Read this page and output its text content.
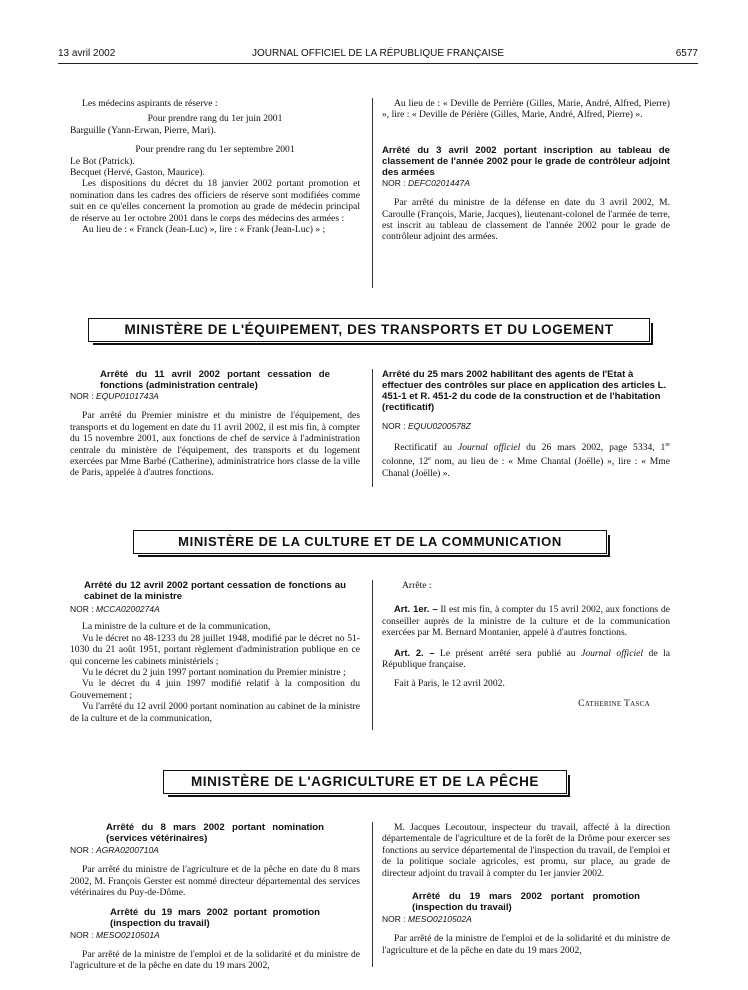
13 avril 2002	JOURNAL OFFICIEL DE LA RÉPUBLIQUE FRANÇAISE	6577

Les médecins aspirants de réserve :

Pour prendre rang du 1er juin 2001

Barguille (Yann-Erwan, Pierre, Mari).

Pour prendre rang du 1er septembre 2001

Le Bot (Patrick).

Becquet (Hervé, Gaston, Maurice).

Les dispositions du décret du 18 janvier 2002 portant promotion et nomination dans les cadres des officiers de réserve sont modifiées comme suit en ce qu'elles concernent la promotion au grade de médecin principal de réserve au 1er octobre 2001 dans le corps des médecins des armées :

Au lieu de : « Franck (Jean-Luc) », lire : « Frank (Jean-Luc) » ;

Au lieu de : « Deville de Perrière (Gilles, Marie, André, Alfred, Pierre) », lire : « Deville de Périère (Gilles, Marie, André, Alfred, Pierre) ».

Arrêté du 3 avril 2002 portant inscription au tableau de classement de l'année 2002 pour le grade de contrôleur adjoint des armées

NOR : DEFC0201447A

Par arrêté du ministre de la défense en date du 3 avril 2002, M. Caroulle (François, Marie, Jacques), lieutenant-colonel de l'armée de terre, est inscrit au tableau de classement de l'année 2002 pour le grade de contrôleur adjoint des armées.

MINISTÈRE DE L'ÉQUIPEMENT, DES TRANSPORTS ET DU LOGEMENT

Arrêté du 11 avril 2002 portant cessation de fonctions (administration centrale)

NOR : EQUP0101743A

Par arrêté du Premier ministre et du ministre de l'équipement, des transports et du logement en date du 11 avril 2002, il est mis fin, à compter du 15 novembre 2001, aux fonctions de chef de service à l'administration centrale du ministère de l'équipement, des transports et du logement exercées par Mme Barbé (Catherine), administratrice hors classe de la ville de Paris, appelée à d'autres fonctions.

Arrêté du 25 mars 2002 habilitant des agents de l'Etat à effectuer des contrôles sur place en application des articles L. 451-1 et R. 451-2 du code de la construction et de l'habitation (rectificatif)

NOR : EQUU0200578Z

Rectificatif au Journal officiel du 26 mars 2002, page 5334, 1re colonne, 12e nom, au lieu de : « Mme Chantal (Joëlle) », lire : « Mme Chanal (Joëlle) ».

MINISTÈRE DE LA CULTURE ET DE LA COMMUNICATION

Arrêté du 12 avril 2002 portant cessation de fonctions au cabinet de la ministre

NOR : MCCA0200274A

La ministre de la culture et de la communication,

Vu le décret no 48-1233 du 28 juillet 1948, modifié par le décret no 51-1030 du 21 août 1951, portant règlement d'administration publique en ce qui concerne les cabinets ministériels ;

Vu le décret du 2 juin 1997 portant nomination du Premier ministre ;

Vu le décret du 4 juin 1997 modifié relatif à la composition du Gouvernement ;

Vu l'arrêté du 12 avril 2000 portant nomination au cabinet de la ministre de la culture et de la communication,

Arrête :

Art. 1er. – Il est mis fin, à compter du 15 avril 2002, aux fonctions de conseiller auprès de la ministre de la culture et de la communication exercées par M. Bernard Montanier, appelé à d'autres fonctions.

Art. 2. – Le présent arrêté sera publié au Journal officiel de la République française.

Fait à Paris, le 12 avril 2002.

Catherine Tasca

MINISTÈRE DE L'AGRICULTURE ET DE LA PÊCHE

Arrêté du 8 mars 2002 portant nomination (services vétérinaires)

NOR : AGRA0200710A

Par arrêté du ministre de l'agriculture et de la pêche en date du 8 mars 2002, M. François Gerster est nommé directeur départemental des services vétérinaires du Puy-de-Dôme.

Arrêté du 19 mars 2002 portant promotion (inspection du travail)

NOR : MESO0210501A

Par arrêté de la ministre de l'emploi et de la solidarité et du ministre de l'agriculture et de la pêche en date du 19 mars 2002,

M. Jacques Lecoutour, inspecteur du travail, affecté à la direction départementale de l'agriculture et de la forêt de la Drôme pour exercer ses fonctions au service départemental de l'inspection du travail, de l'emploi et de la politique sociale agricoles, est promu, sur place, au grade de directeur adjoint du travail à compter du 1er janvier 2002.

Arrêté du 19 mars 2002 portant promotion (inspection du travail)

NOR : MESO0210502A

Par arrêté de la ministre de l'emploi et de la solidarité et du ministre de l'agriculture et de la pêche en date du 19 mars 2002,
